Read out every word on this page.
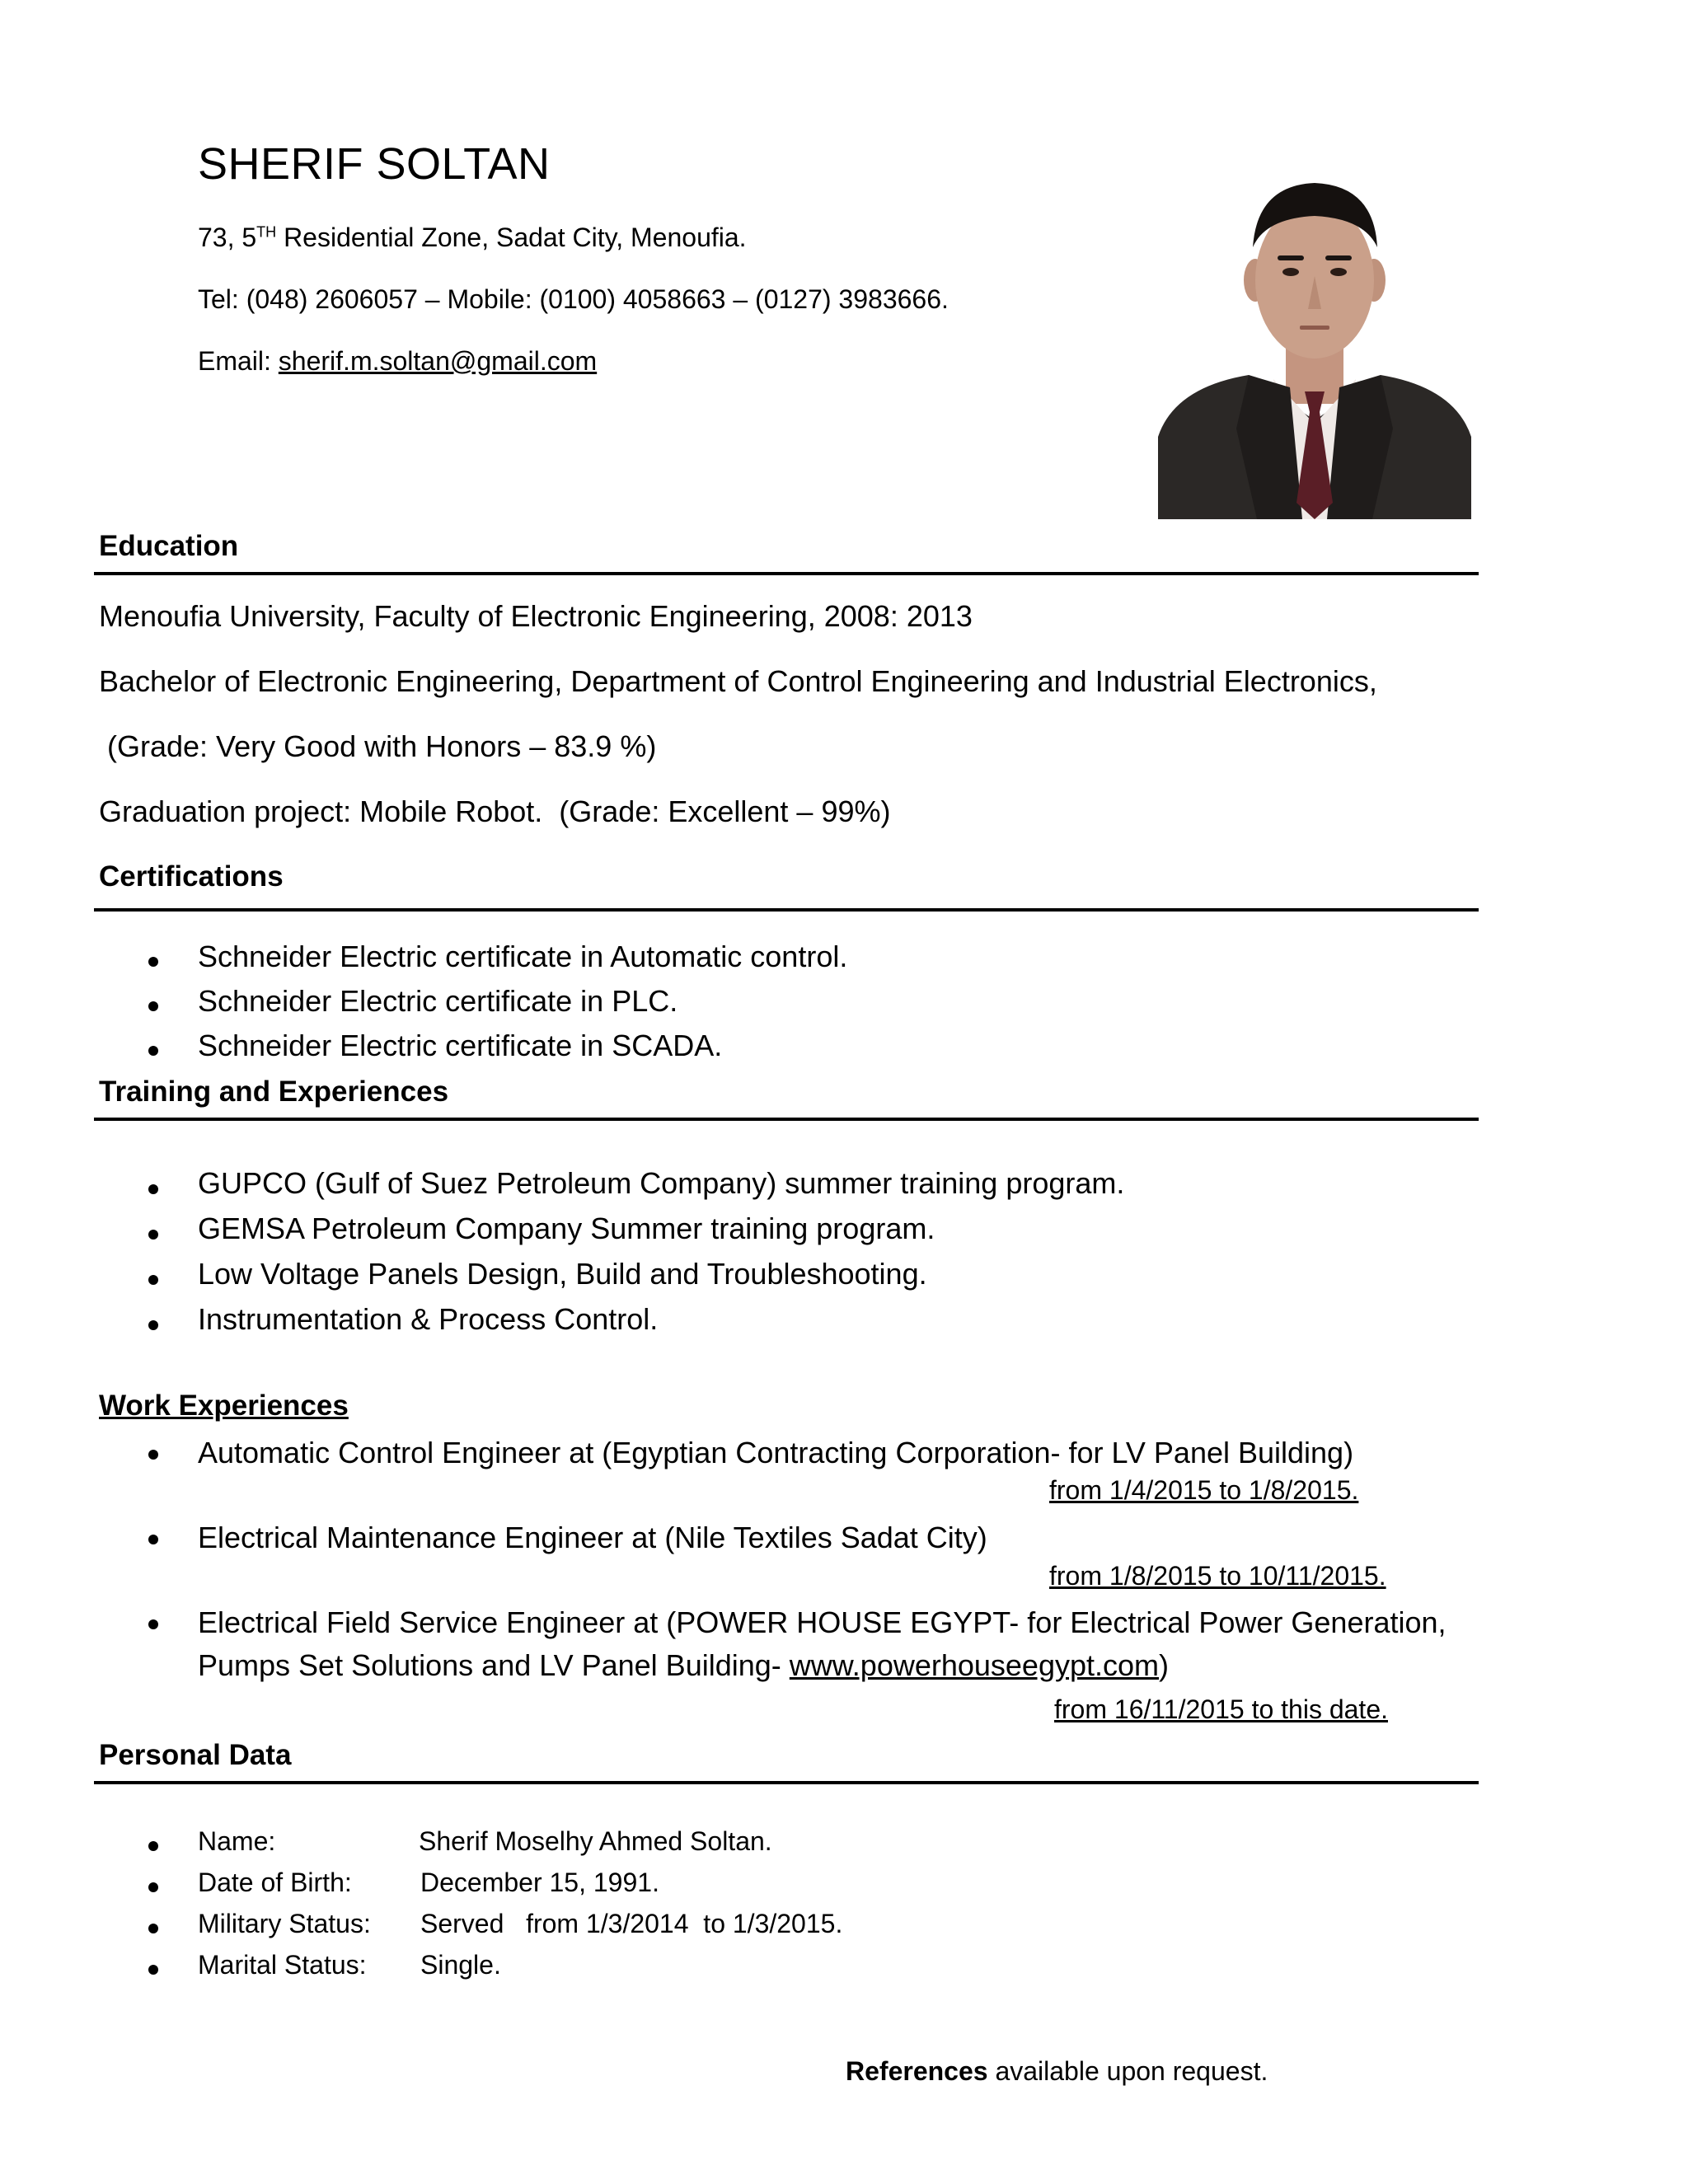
SHERIF SOLTAN
73, 5TH Residential Zone, Sadat City, Menoufia.
Tel: (048) 2606057 – Mobile: (0100) 4058663 – (0127) 3983666.
Email: sherif.m.soltan@gmail.com
Education
Menoufia University, Faculty of Electronic Engineering, 2008: 2013
Bachelor of Electronic Engineering, Department of Control Engineering and Industrial Electronics,
(Grade: Very Good with Honors – 83.9 %)
Graduation project: Mobile Robot.  (Grade: Excellent – 99%)
Certifications
Schneider Electric certificate in Automatic control.
Schneider Electric certificate in PLC.
Schneider Electric certificate in SCADA.
Training and Experiences
GUPCO (Gulf of Suez Petroleum Company) summer training program.
GEMSA Petroleum Company Summer training program.
Low Voltage Panels Design, Build and Troubleshooting.
Instrumentation & Process Control.
Work Experiences
Automatic Control Engineer at (Egyptian Contracting Corporation- for LV Panel Building)
from 1/4/2015 to 1/8/2015.
Electrical Maintenance Engineer at (Nile Textiles Sadat City)
from 1/8/2015 to 10/11/2015.
Electrical Field Service Engineer at (POWER HOUSE EGYPT- for Electrical Power Generation, Pumps Set Solutions and LV Panel Building- www.powerhouseegypt.com)
from 16/11/2015 to this date.
Personal Data
Name:	Sherif Moselhy Ahmed Soltan.
Date of Birth:	December 15, 1991.
Military Status: Served   from 1/3/2014  to 1/3/2015.
Marital Status: Single.
References available upon request.
